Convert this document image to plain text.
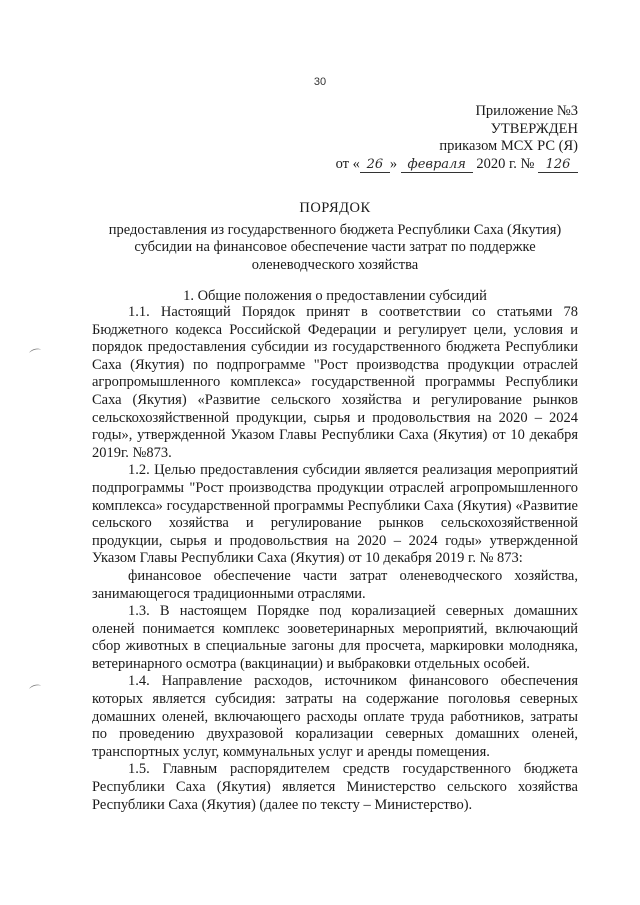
30
Приложение №3
УТВЕРЖДЕН
приказом МСХ РС (Я)
от « 26 » февраля 2020 г. № 126
ПОРЯДОК
предоставления из государственного бюджета Республики Саха (Якутия)
субсидии на финансовое обеспечение части затрат по поддержке
оленеводческого хозяйства
1. Общие положения о предоставлении субсидий

1.1. Настоящий Порядок принят в соответствии со статьями 78 Бюджетного кодекса Российской Федерации и регулирует цели, условия и порядок предоставления субсидии из государственного бюджета Республики Саха (Якутия) по подпрограмме "Рост производства продукции отраслей агропромышленного комплекса» государственной программы Республики Саха (Якутия) «Развитие сельского хозяйства и регулирование рынков сельскохозяйственной продукции, сырья и продовольствия на 2020 – 2024 годы», утвержденной Указом Главы Республики Саха (Якутия) от 10 декабря 2019г. №873.

1.2. Целью предоставления субсидии является реализация мероприятий подпрограммы "Рост производства продукции отраслей агропромышленного комплекса» государственной программы Республики Саха (Якутия) «Развитие сельского хозяйства и регулирование рынков сельскохозяйственной продукции, сырья и продовольствия на 2020 – 2024 годы» утвержденной Указом Главы Республики Саха (Якутия) от 10 декабря 2019 г. № 873:

финансовое обеспечение части затрат оленеводческого хозяйства, занимающегося традиционными отраслями.

1.3. В настоящем Порядке под корализацией северных домашних оленей понимается комплекс зооветеринарных мероприятий, включающий сбор животных в специальные загоны для просчета, маркировки молодняка, ветеринарного осмотра (вакцинации) и выбраковки отдельных особей.

1.4. Направление расходов, источником финансового обеспечения которых является субсидия: затраты на содержание поголовья северных домашних оленей, включающего расходы оплате труда работников, затраты по проведению двухразовой корализации северных домашних оленей, транспортных услуг, коммунальных услуг и аренды помещения.

1.5. Главным распорядителем средств государственного бюджета Республики Саха (Якутия) является Министерство сельского хозяйства Республики Саха (Якутия) (далее по тексту – Министерство).

⌒
⌒
